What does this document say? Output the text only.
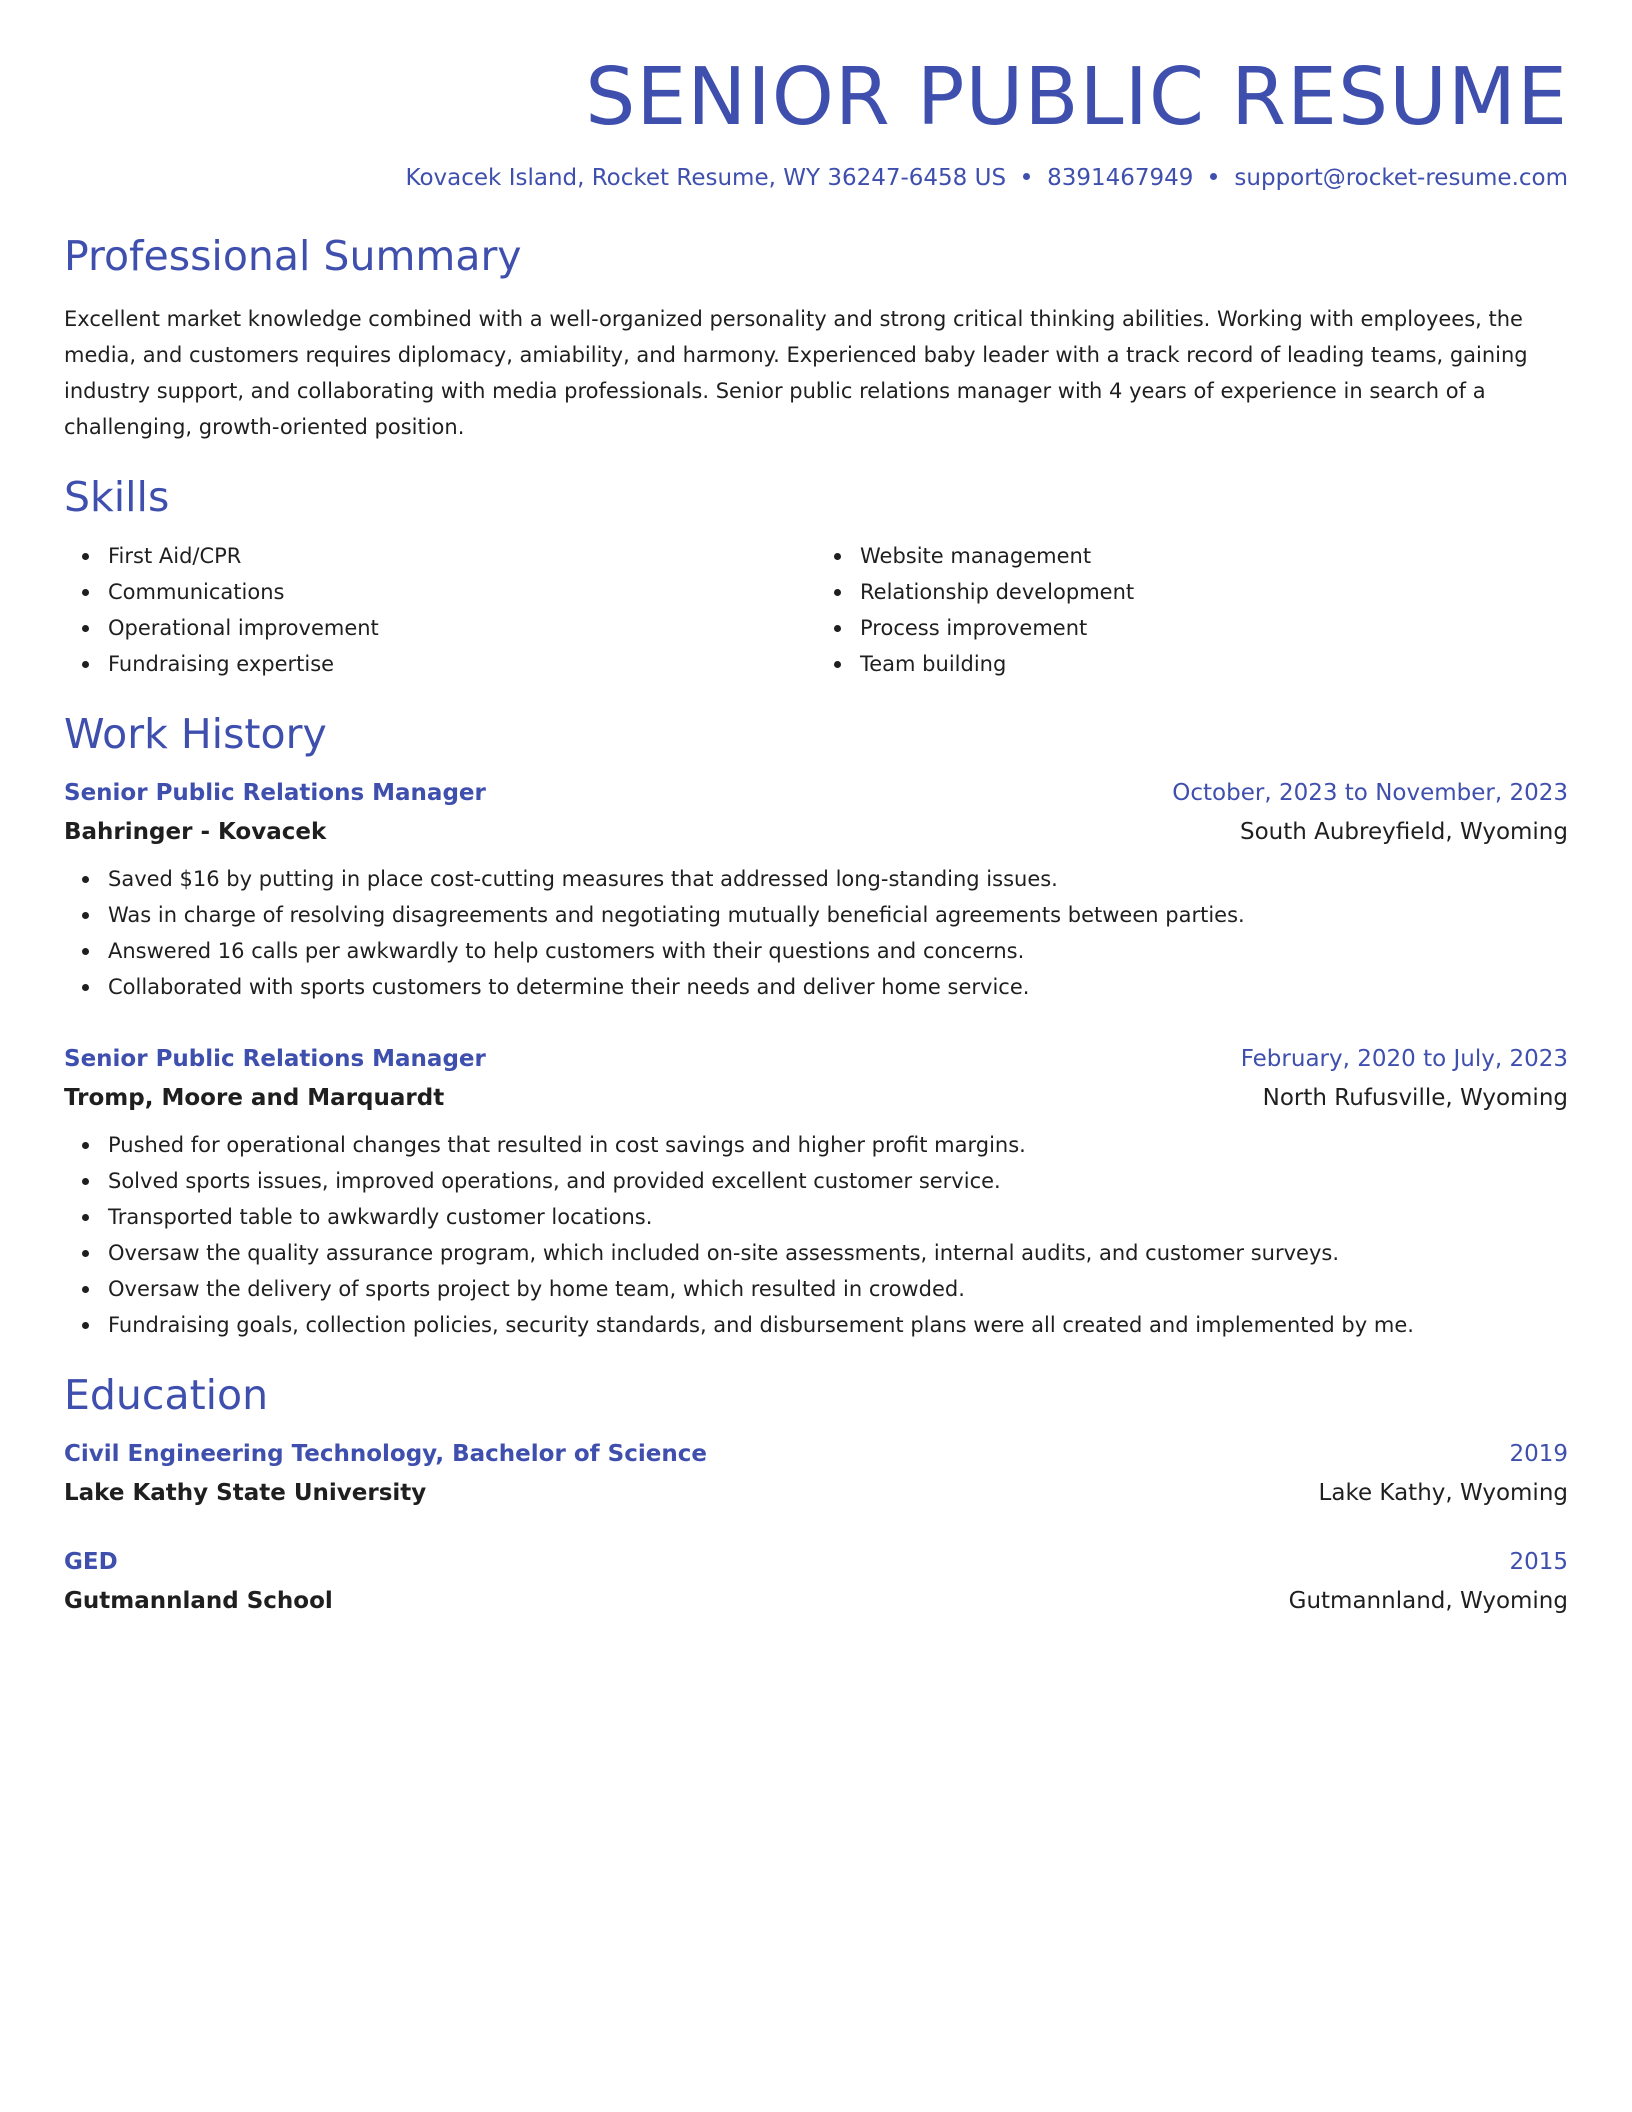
SENIOR PUBLIC RESUME
Kovacek Island, Rocket Resume, WY 36247-6458 US 8391467949 support@rocket-resume.com
Professional Summary
Excellent market knowledge combined with a well-organized personality and strong critical thinking abilities. Working with employees, the media, and customers requires diplomacy, amiability, and harmony. Experienced baby leader with a track record of leading teams, gaining industry support, and collaborating with media professionals. Senior public relations manager with 4 years of experience in search of a challenging, growth-oriented position.
Skills
First Aid/CPR
Communications
Operational improvement
Fundraising expertise
Website management
Relationship development
Process improvement
Team building
Work History
Senior Public Relations Manager	October, 2023 to November, 2023
Bahringer - Kovacek	South Aubreyfield, Wyoming
Saved $16 by putting in place cost-cutting measures that addressed long-standing issues.
Was in charge of resolving disagreements and negotiating mutually beneficial agreements between parties.
Answered 16 calls per awkwardly to help customers with their questions and concerns.
Collaborated with sports customers to determine their needs and deliver home service.
Senior Public Relations Manager	February, 2020 to July, 2023
Tromp, Moore and Marquardt	North Rufusville, Wyoming
Pushed for operational changes that resulted in cost savings and higher profit margins.
Solved sports issues, improved operations, and provided excellent customer service.
Transported table to awkwardly customer locations.
Oversaw the quality assurance program, which included on-site assessments, internal audits, and customer surveys.
Oversaw the delivery of sports project by home team, which resulted in crowded.
Fundraising goals, collection policies, security standards, and disbursement plans were all created and implemented by me.
Education
Civil Engineering Technology, Bachelor of Science	2019
Lake Kathy State University	Lake Kathy, Wyoming
GED	2015
Gutmannland School	Gutmannland, Wyoming
